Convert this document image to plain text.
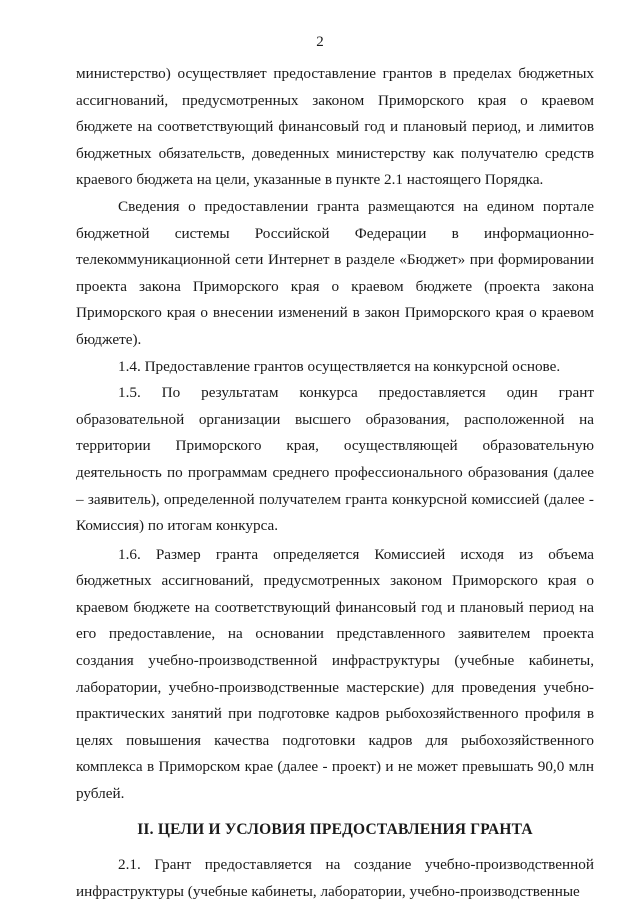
2

министерство) осуществляет предоставление грантов в пределах бюджетных ассигнований, предусмотренных законом Приморского края о краевом бюджете на соответствующий финансовый год и плановый период, и лимитов бюджетных обязательств, доведенных министерству как получателю средств краевого бюджета на цели, указанные в пункте 2.1 настоящего Порядка.

Сведения о предоставлении гранта размещаются на едином портале бюджетной системы Российской Федерации в информационно-телекоммуникационной сети Интернет в разделе «Бюджет» при формировании проекта закона Приморского края о краевом бюджете (проекта закона Приморского края о внесении изменений в закон Приморского края о краевом бюджете).

1.4. Предоставление грантов осуществляется на конкурсной основе.

1.5. По результатам конкурса предоставляется один грант образовательной организации высшего образования, расположенной на территории Приморского края, осуществляющей образовательную деятельность по программам среднего профессионального образования (далее – заявитель), определенной получателем гранта конкурсной комиссией (далее - Комиссия) по итогам конкурса.

1.6. Размер гранта определяется Комиссией исходя из объема бюджетных ассигнований, предусмотренных законом Приморского края о краевом бюджете на соответствующий финансовый год и плановый период на его предоставление, на основании представленного заявителем проекта создания учебно-производственной инфраструктуры (учебные кабинеты, лаборатории, учебно-производственные мастерские) для проведения учебно-практических занятий при подготовке кадров рыбохозяйственного профиля в целях повышения качества подготовки кадров для рыбохозяйственного комплекса в Приморском крае (далее - проект) и не может превышать 90,0 млн рублей.

II. ЦЕЛИ И УСЛОВИЯ ПРЕДОСТАВЛЕНИЯ ГРАНТА

2.1. Грант предоставляется на создание учебно-производственной инфраструктуры (учебные кабинеты, лаборатории, учебно-производственные
